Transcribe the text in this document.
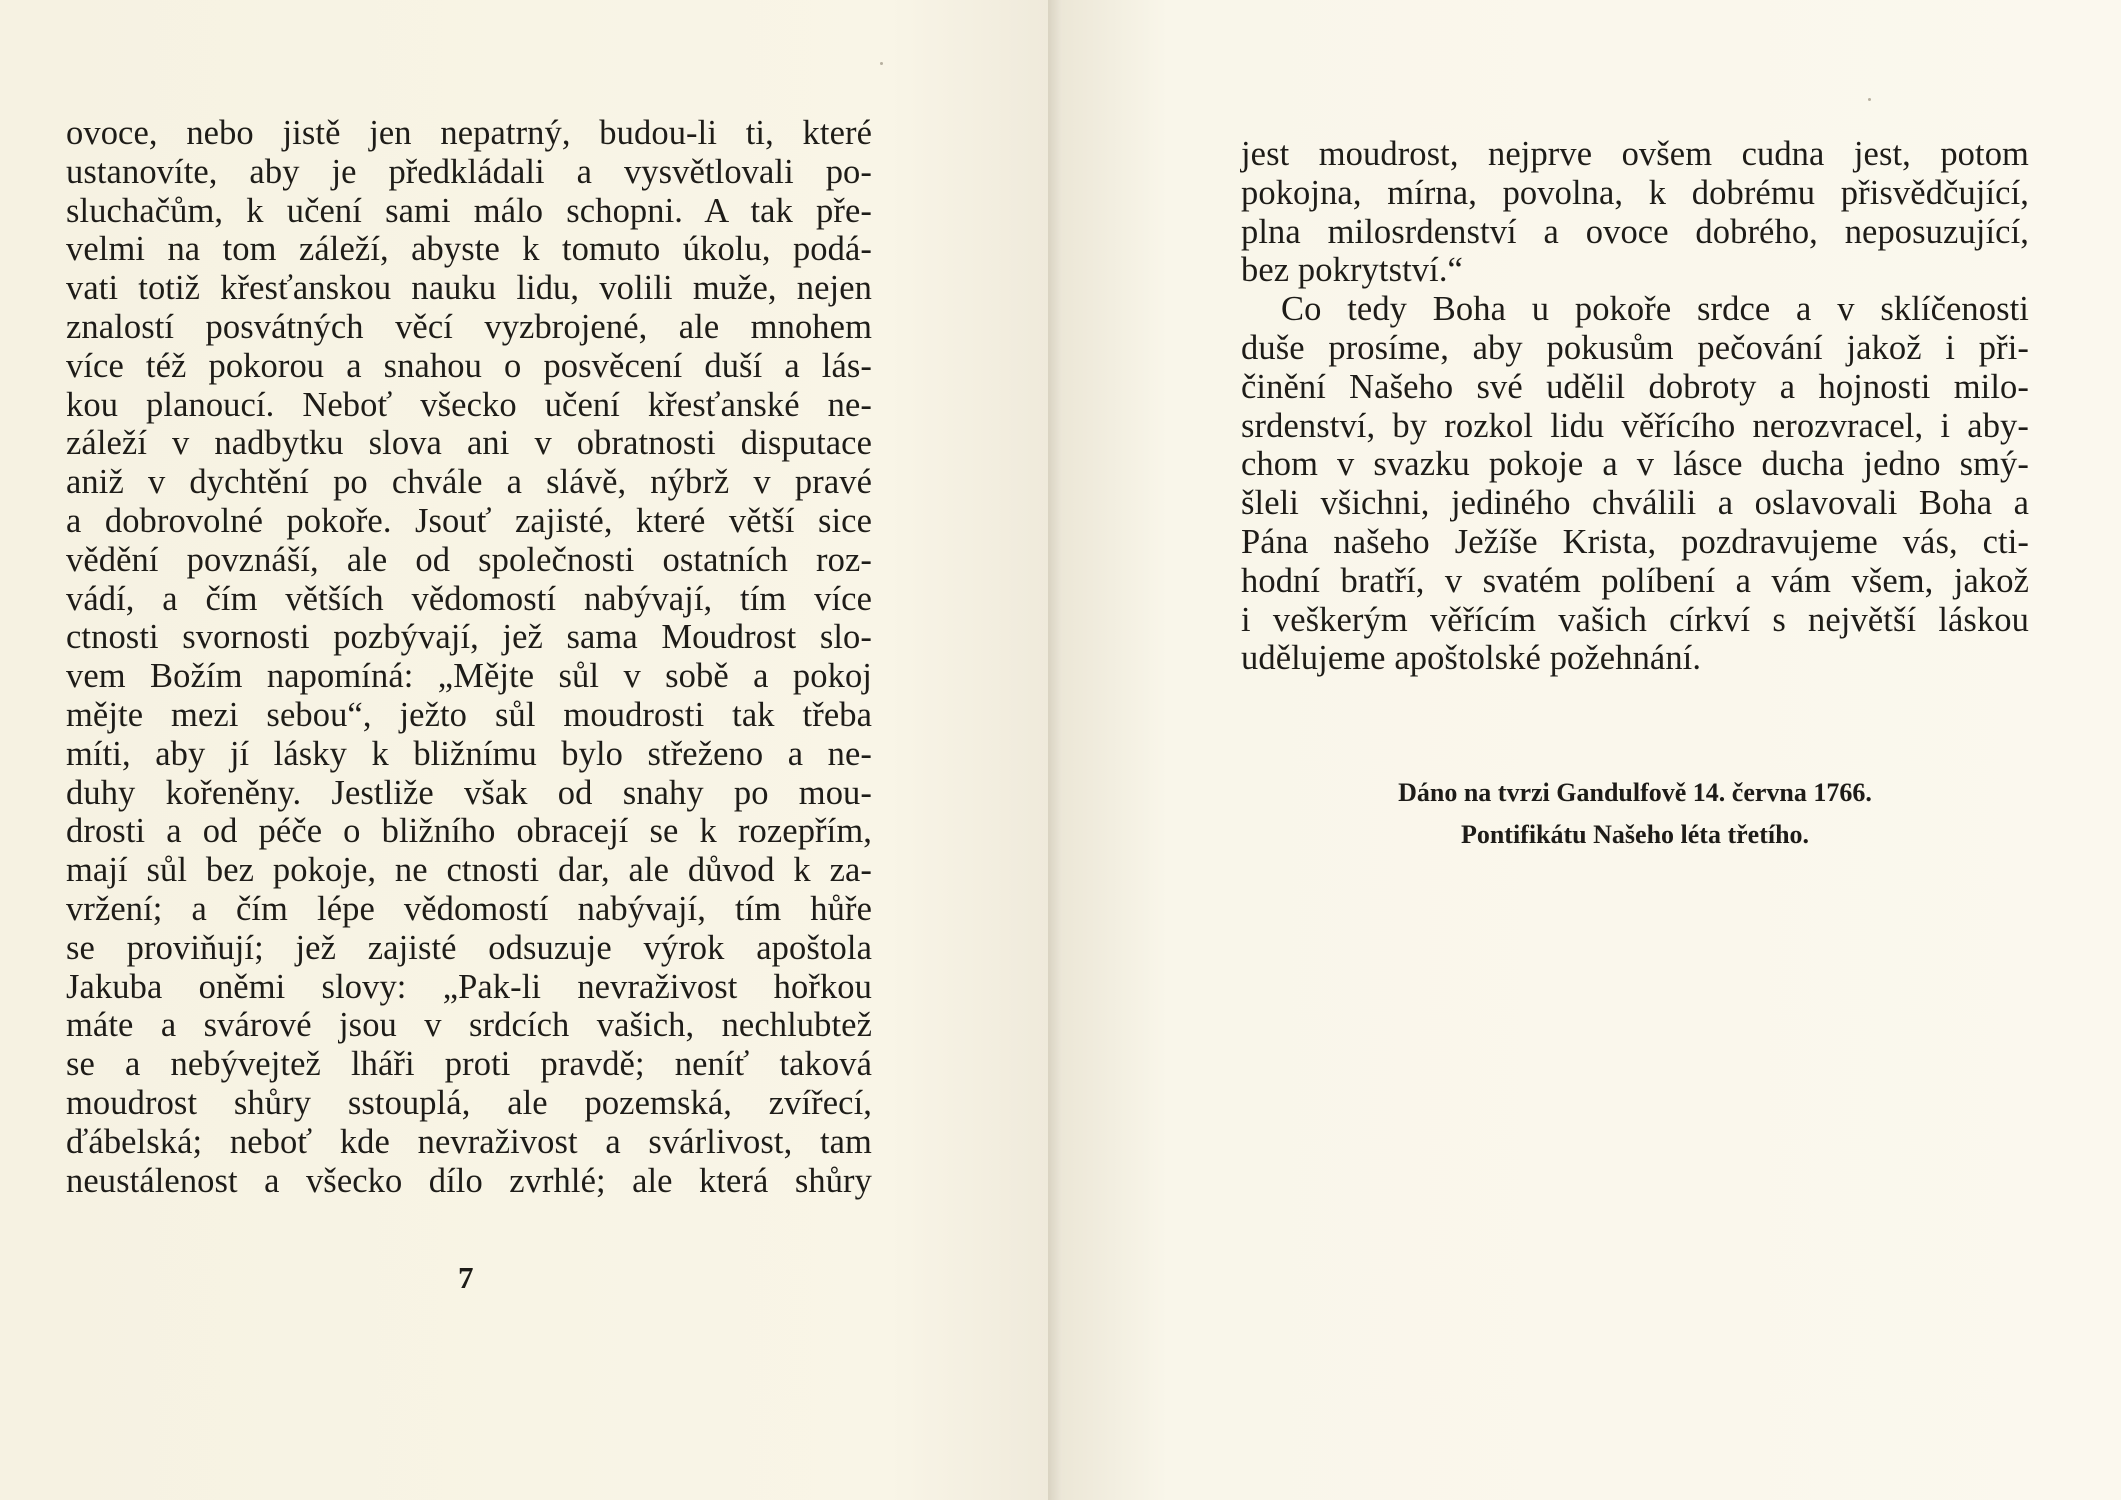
ovoce, nebo jistě jen nepatrný, budou-li ti, které
ustanovíte, aby je předkládali a vysvětlovali po-
sluchačům, k učení sami málo schopni. A tak pře-
velmi na tom záleží, abyste k tomuto úkolu, podá-
vati totiž křesťanskou nauku lidu, volili muže, nejen
znalostí posvátných věcí vyzbrojené, ale mnohem
více též pokorou a snahou o posvěcení duší a lás-
kou planoucí. Neboť všecko učení křesťanské ne-
záleží v nadbytku slova ani v obratnosti disputace
aniž v dychtění po chvále a slávě, nýbrž v pravé
a dobrovolné pokoře. Jsouť zajisté, které větší sice
vědění povznáší, ale od společnosti ostatních roz-
vádí, a čím větších vědomostí nabývají, tím více
ctnosti svornosti pozbývají, jež sama Moudrost slo-
vem Božím napomíná: „Mějte sůl v sobě a pokoj
mějte mezi sebou“, ježto sůl moudrosti tak třeba
míti, aby jí lásky k bližnímu bylo střeženo a ne-
duhy kořeněny. Jestliže však od snahy po mou-
drosti a od péče o bližního obracejí se k rozepřím,
mají sůl bez pokoje, ne ctnosti dar, ale důvod k za-
vržení; a čím lépe vědomostí nabývají, tím hůře
se proviňují; jež zajisté odsuzuje výrok apoštola
Jakuba oněmi slovy: „Pak-li nevraživost hořkou
máte a svárové jsou v srdcích vašich, nechlubtež
se a nebývejtež lháři proti pravdě; neníť taková
moudrost shůry sstouplá, ale pozemská, zvířecí,
ďábelská; neboť kde nevraživost a svárlivost, tam
neustálenost a všecko dílo zvrhlé; ale která shůry
7
jest moudrost, nejprve ovšem cudna jest, potom
pokojna, mírna, povolna, k dobrému přisvědčující,
plna milosrdenství a ovoce dobrého, neposuzující,
bez pokrytství.“
Co tedy Boha u pokoře srdce a v sklíčenosti
duše prosíme, aby pokusům pečování jakož i při-
činění Našeho své udělil dobroty a hojnosti milo-
srdenství, by rozkol lidu věřícího nerozvracel, i aby-
chom v svazku pokoje a v lásce ducha jedno smý-
šleli všichni, jediného chválili a oslavovali Boha a
Pána našeho Ježíše Krista, pozdravujeme vás, cti-
hodní bratří, v svatém políbení a vám všem, jakož
i veškerým věřícím vašich církví s největší láskou
udělujeme apoštolské požehnání.
Dáno na tvrzi Gandulfově 14. června 1766.
Pontifikátu Našeho léta třetího.
